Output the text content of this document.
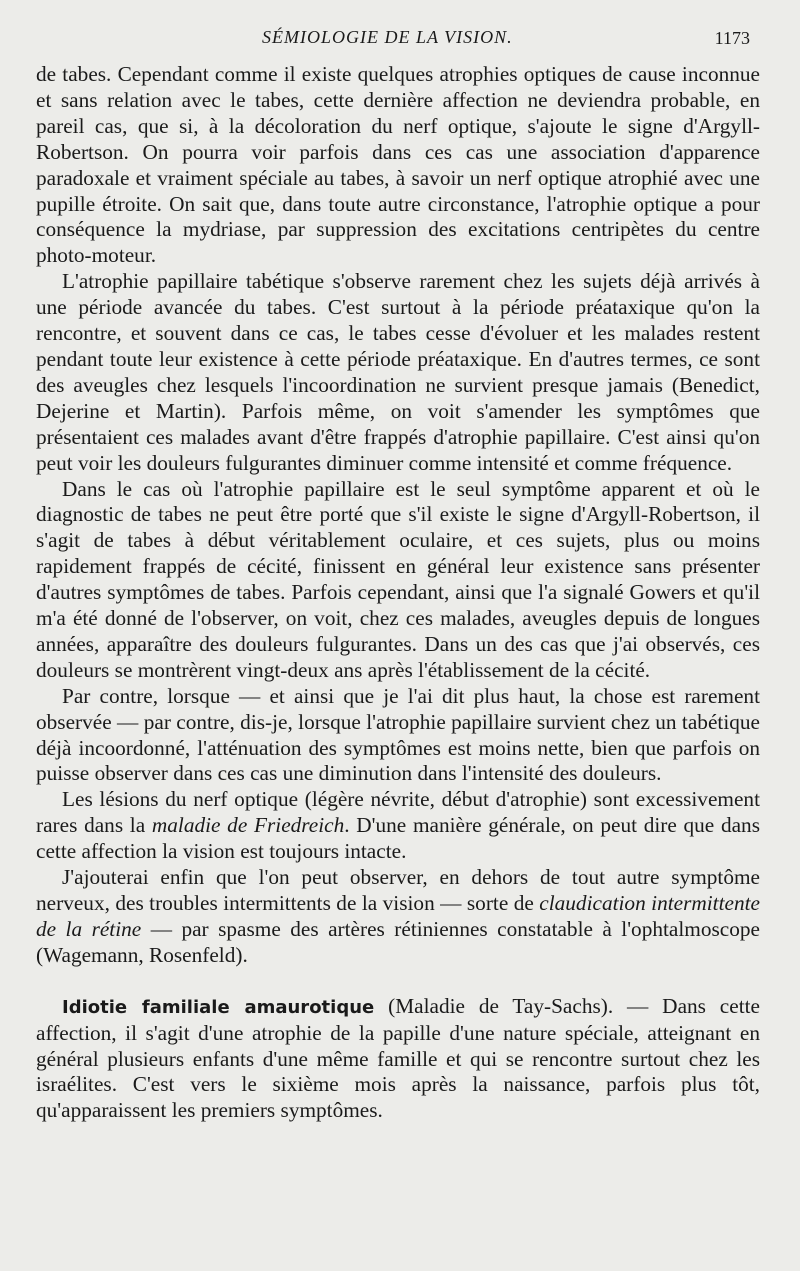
SÉMIOLOGIE DE LA VISION.	1173

de tabes. Cependant comme il existe quelques atrophies optiques de cause inconnue et sans relation avec le tabes, cette dernière affection ne deviendra probable, en pareil cas, que si, à la décoloration du nerf optique, s'ajoute le signe d'Argyll-Robertson. On pourra voir parfois dans ces cas une association d'apparence paradoxale et vraiment spéciale au tabes, à savoir un nerf optique atrophié avec une pupille étroite. On sait que, dans toute autre circonstance, l'atrophie optique a pour conséquence la mydriase, par suppression des excitations centripètes du centre photo-moteur.

L'atrophie papillaire tabétique s'observe rarement chez les sujets déjà arrivés à une période avancée du tabes. C'est surtout à la période préataxique qu'on la rencontre, et souvent dans ce cas, le tabes cesse d'évoluer et les malades restent pendant toute leur existence à cette période préataxique. En d'autres termes, ce sont des aveugles chez lesquels l'incoordination ne survient presque jamais (Benedict, Dejerine et Martin). Parfois même, on voit s'amender les symptômes que présentaient ces malades avant d'être frappés d'atrophie papillaire. C'est ainsi qu'on peut voir les douleurs fulgurantes diminuer comme intensité et comme fréquence.

Dans le cas où l'atrophie papillaire est le seul symptôme apparent et où le diagnostic de tabes ne peut être porté que s'il existe le signe d'Argyll-Robertson, il s'agit de tabes à début véritablement oculaire, et ces sujets, plus ou moins rapidement frappés de cécité, finissent en général leur existence sans présenter d'autres symptômes de tabes. Parfois cependant, ainsi que l'a signalé Gowers et qu'il m'a été donné de l'observer, on voit, chez ces malades, aveugles depuis de longues années, apparaître des douleurs fulgurantes. Dans un des cas que j'ai observés, ces douleurs se montrèrent vingt-deux ans après l'établissement de la cécité.

Par contre, lorsque — et ainsi que je l'ai dit plus haut, la chose est rarement observée — par contre, dis-je, lorsque l'atrophie papillaire survient chez un tabétique déjà incoordonné, l'atténuation des symptômes est moins nette, bien que parfois on puisse observer dans ces cas une diminution dans l'intensité des douleurs.

Les lésions du nerf optique (légère névrite, début d'atrophie) sont excessivement rares dans la maladie de Friedreich. D'une manière générale, on peut dire que dans cette affection la vision est toujours intacte.

J'ajouterai enfin que l'on peut observer, en dehors de tout autre symptôme nerveux, des troubles intermittents de la vision — sorte de claudication intermittente de la rétine — par spasme des artères rétiniennes constatable à l'ophtalmoscope (Wagemann, Rosenfeld).

Idiotie familiale amaurotique (Maladie de Tay-Sachs). — Dans cette affection, il s'agit d'une atrophie de la papille d'une nature spéciale, atteignant en général plusieurs enfants d'une même famille et qui se rencontre surtout chez les israélites. C'est vers le sixième mois après la naissance, parfois plus tôt, qu'apparaissent les premiers symptômes.
